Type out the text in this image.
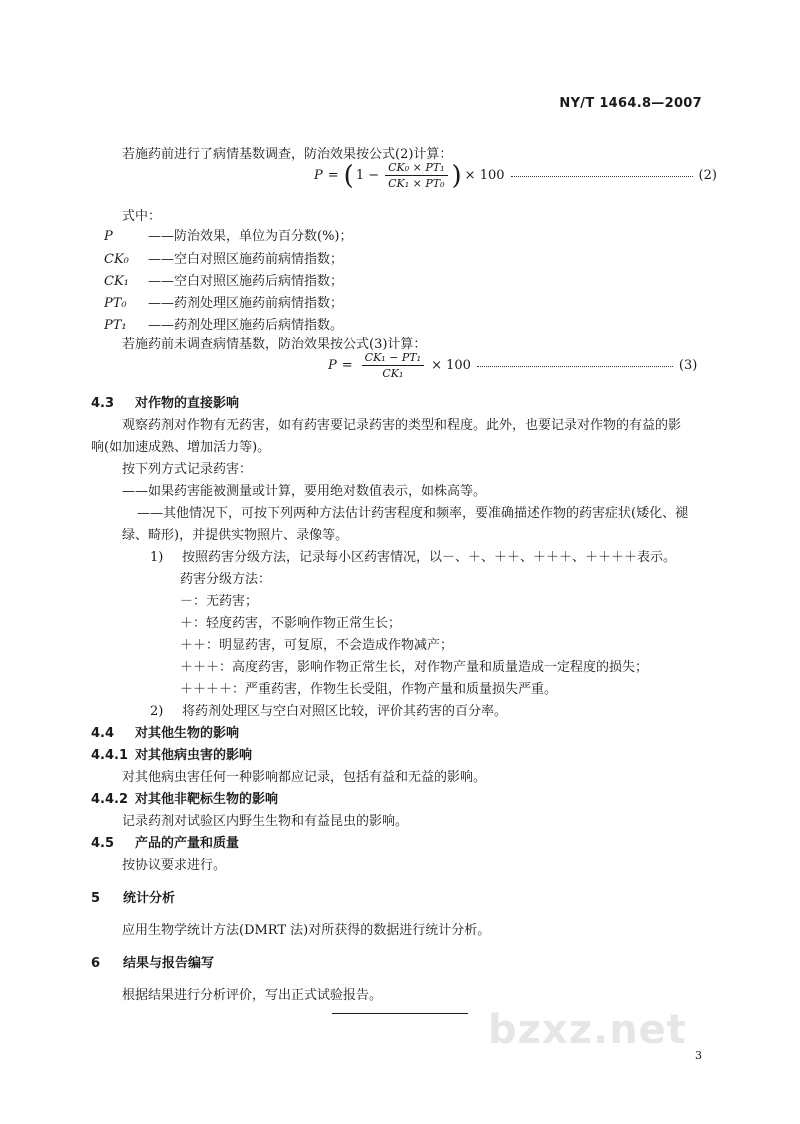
NY/T 1464.8—2007
若施药前进行了病情基数调查，防治效果按公式(2)计算：
P = ( $1 - \frac{\text{CK₀ × PT₁}}{\text{CK₁ × PT₀}}$ ) × 100	(2)
式中：
P	——防治效果，单位为百分数(%)；
CK₀ ——空白对照区施药前病情指数；
CK₁ ——空白对照区施药后病情指数；
PT₀ ——药剂处理区施药前病情指数；
PT₁ ——药剂处理区施药后病情指数。
若施药前未调查病情基数，防治效果按公式(3)计算：
$P = \frac{\text{CK₁ − PT₁}}{\text{CK₁}} \times 100$	(3)
4.3 对作物的直接影响
观察药剂对作物有无药害，如有药害要记录药害的类型和程度。此外，也要记录对作物的有益的影
响(如加速成熟、增加活力等)。
按下列方式记录药害：
——如果药害能被测量或计算，要用绝对数值表示，如株高等。
——其他情况下，可按下列两种方法估计药害程度和频率，要准确描述作物的药害症状(矮化、褪
绿、畸形)，并提供实物照片、录像等。
1) 按照药害分级方法，记录每小区药害情况，以－、＋、＋＋、＋＋＋、＋＋＋＋表示。
药害分级方法：
－：无药害；
＋：轻度药害，不影响作物正常生长；
＋＋：明显药害，可复原，不会造成作物减产；
＋＋＋：高度药害，影响作物正常生长，对作物产量和质量造成一定程度的损失；
＋＋＋＋：严重药害，作物生长受阻，作物产量和质量损失严重。
2) 将药剂处理区与空白对照区比较，评价其药害的百分率。
4.4 对其他生物的影响
4.4.1 对其他病虫害的影响
对其他病虫害任何一种影响都应记录，包括有益和无益的影响。
4.4.2 对其他非靶标生物的影响
记录药剂对试验区内野生生物和有益昆虫的影响。
4.5 产品的产量和质量
按协议要求进行。
5 统计分析
应用生物学统计方法(DMRT 法)对所获得的数据进行统计分析。
6 结果与报告编写
根据结果进行分析评价，写出正式试验报告。
bzxz.net
3
